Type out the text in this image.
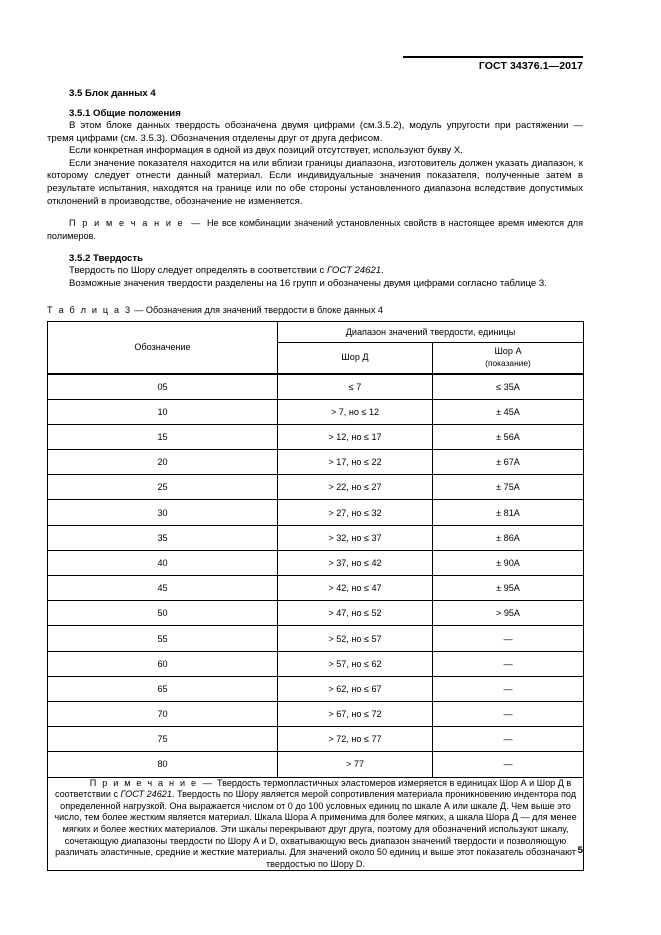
ГОСТ 34376.1—2017
3.5 Блок данных 4
3.5.1 Общие положения

В этом блоке данных твердость обозначена двумя цифрами (см.3.5.2), модуль упругости при растяжении — тремя цифрами (см. 3.5.3). Обозначения отделены друг от друга дефисом.

Если конкретная информация в одной из двух позиций отсутствует, используют букву X.

Если значение показателя находится на или вблизи границы диапазона, изготовитель должен указать диапазон, к которому следует отнести данный материал. Если индивидуальные значения показателя, полученные затем в результате испытания, находятся на границе или по обе стороны установленного диапазона вследствие допустимых отклонений в производстве, обозначение не изменяется.

П р и м е ч а н и е — Не все комбинации значений установленных свойств в настоящее время имеются для полимеров.

3.5.2 Твердость

Твердость по Шору следует определять в соответствии с ГОСТ 24621.

Возможные значения твердости разделены на 16 групп и обозначены двумя цифрами согласно таблице 3.

Т а б л и ц а 3 — Обозначения для значений твердости в блоке данных 4
Обозначение	Диапазон значений твердости, единицы	
	Шор Д	Шор А
(показание)
05	≤ 7	≤ 35A
10	> 7, но ≤ 12	± 45A
15	> 12, но ≤ 17	± 56A
20	> 17, но ≤ 22	± 67A
25	> 22, но ≤ 27	± 75A
30	> 27, но ≤ 32	± 81A
35	> 32, но ≤ 37	± 86A
40	> 37, но ≤ 42	± 90A
45	> 42, но ≤ 47	± 95A
50	> 47, но ≤ 52	> 95A
55	> 52, но ≤ 57	—
60	> 57, но ≤ 62	—
65	> 62, но ≤ 67	—
70	> 67, но ≤ 72	—
75	> 72, но ≤ 77	—
80	> 77	—

П р и м е ч а н и е — Твердость термопластичных эластомеров измеряется в единицах Шор А и Шор Д в соответствии с ГОСТ 24621. Твердость по Шору является мерой сопротивления материала проникновению индентора под определенной нагрузкой. Она выражается числом от 0 до 100 условных единиц по шкале А или шкале Д. Чем выше это число, тем более жестким является материал. Шкала Шора А применима для более мягких, а шкала Шора Д — для менее мягких и более жестких материалов. Эти шкалы перекрывают друг друга, поэтому для обозначений используют шкалу, сочетающую диапазоны твердости по Шору A и D, охватывающую весь диапазон значений твердости и позволяющую различать эластичные, средние и жесткие материалы. Для значений около 50 единиц и выше этот показатель обозначают твердостью по Шору D.		
5
